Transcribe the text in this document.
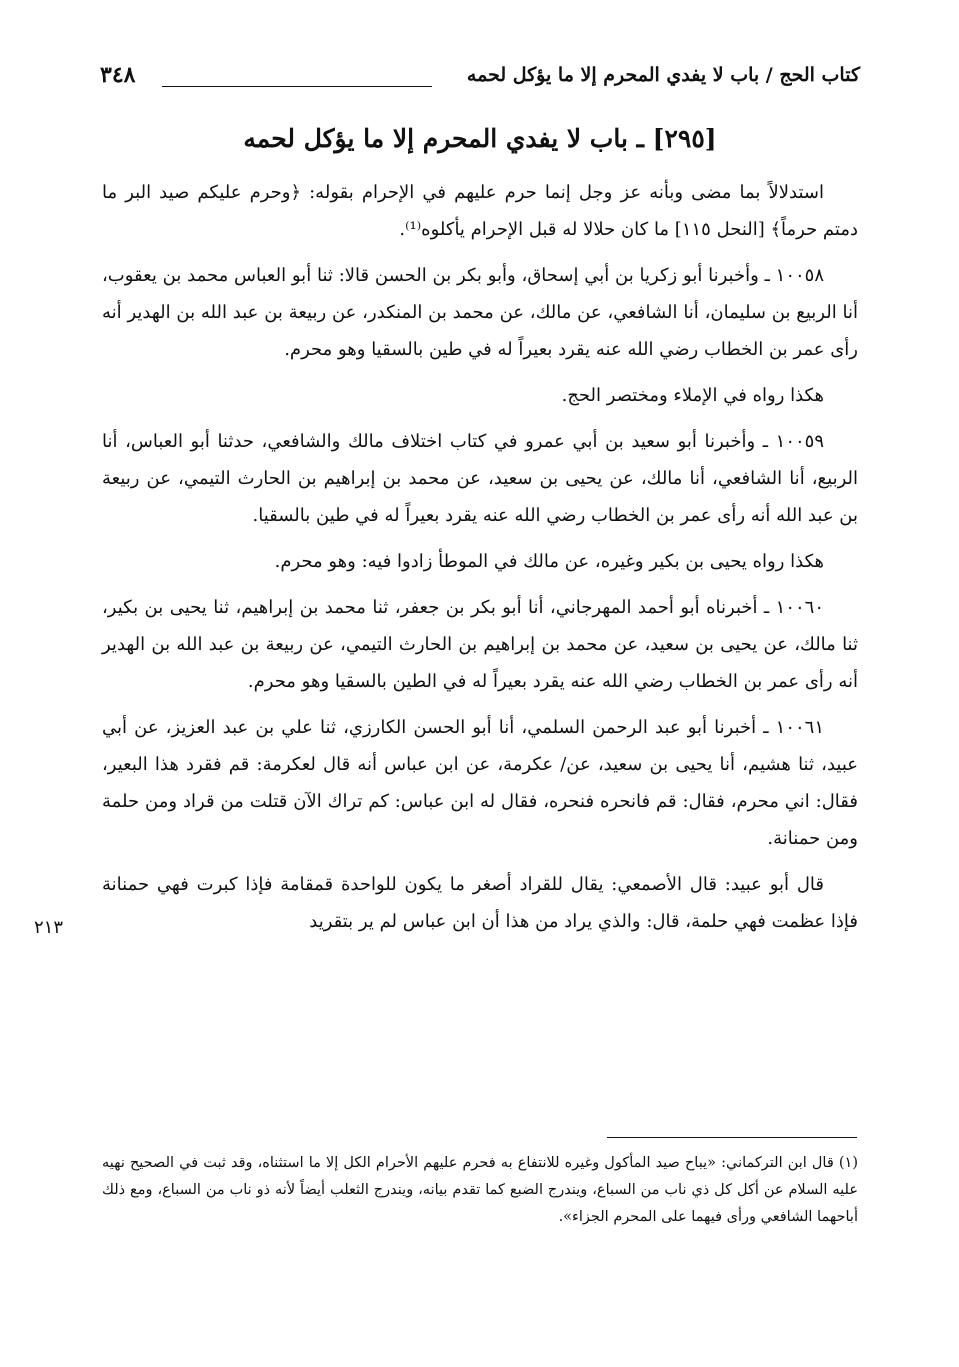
كتاب الحج / باب لا يفدي المحرم إلا ما يؤكل لحمه
٣٤٨
[٢٩٥] ـ باب لا يفدي المحرم إلا ما يؤكل لحمه

استدلالاً بما مضى وبأنه عز وجل إنما حرم عليهم في الإحرام بقوله: ﴿وحرم عليكم صيد البر ما دمتم حرماً﴾ [النحل ١١٥] ما كان حلالا له قبل الإحرام يأكلوه⁽¹⁾.

١٠٠٥٨ ـ وأخبرنا أبو زكريا بن أبي إسحاق، وأبو بكر بن الحسن قالا: ثنا أبو العباس محمد بن يعقوب، أنا الربيع بن سليمان، أنا الشافعي، عن مالك، عن محمد بن المنكدر، عن ربيعة بن عبد الله بن الهدير أنه رأى عمر بن الخطاب رضي الله عنه يقرد بعيراً له في طين بالسقيا وهو محرم.

هكذا رواه في الإملاء ومختصر الحج.

١٠٠٥٩ ـ وأخبرنا أبو سعيد بن أبي عمرو في كتاب اختلاف مالك والشافعي، حدثنا أبو العباس، أنا الربيع، أنا الشافعي، أنا مالك، عن يحيى بن سعيد، عن محمد بن إبراهيم بن الحارث التيمي، عن ربيعة بن عبد الله أنه رأى عمر بن الخطاب رضي الله عنه يقرد بعيراً له في طين بالسقيا.

هكذا رواه يحيى بن بكير وغيره، عن مالك في الموطأ زادوا فيه: وهو محرم.

١٠٠٦٠ ـ أخبرناه أبو أحمد المهرجاني، أنا أبو بكر بن جعفر، ثنا محمد بن إبراهيم، ثنا يحيى بن بكير، ثنا مالك، عن يحيى بن سعيد، عن محمد بن إبراهيم بن الحارث التيمي، عن ربيعة بن عبد الله بن الهدير أنه رأى عمر بن الخطاب رضي الله عنه يقرد بعيراً له في الطين بالسقيا وهو محرم.

١٠٠٦١ ـ أخبرنا أبو عبد الرحمن السلمي، أنا أبو الحسن الكارزي، ثنا علي بن عبد العزيز، عن أبي عبيد، ثنا هشيم، أنا يحيى بن سعيد، عن/ عكرمة، عن ابن عباس أنه قال لعكرمة: قم فقرد هذا البعير، فقال: اني محرم، فقال: قم فانحره فنحره، فقال له ابن عباس: كم تراك الآن قتلت من قراد ومن حلمة ومن حمنانة.

قال أبو عبيد: قال الأصمعي: يقال للقراد أصغر ما يكون للواحدة قمقامة فإذا كبرت فهي حمنانة فإذا عظمت فهي حلمة، قال: والذي يراد من هذا أن ابن عباس لم ير بتقريد

٢١٣

(١) قال ابن التركماني: «يباح صيد المأكول وغيره للانتفاع به فحرم عليهم الأحرام الكل إلا ما استثناه، وقد ثبت في الصحيح نهيه عليه السلام عن أكل كل ذي ناب من السباع، ويندرج الضبع كما تقدم بيانه، ويندرج الثعلب أيضاً لأنه ذو ناب من السباع، ومع ذلك أباحهما الشافعي ورأى فيهما على المحرم الجزاء».
